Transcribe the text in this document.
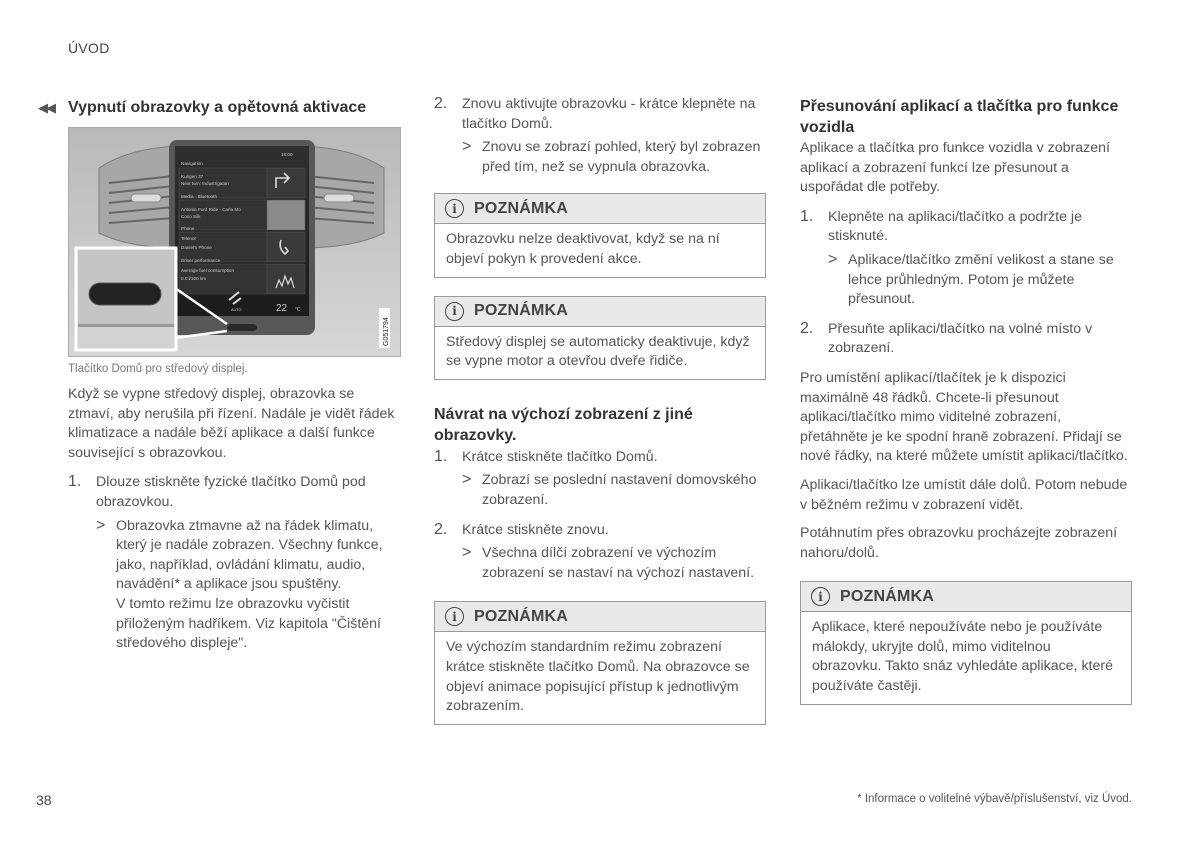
ÚVOD
◀◀ Vypnutí obrazovky a opětovná aktivace
18:00
Navigation
Kungen 37
Next turn: Industrigatan
Media · Bluetooth
Antonia Ford Ride · Carla Mo
Coco Silk
Phone
Telenor
Daniel's Phone
Driver performance
Average fuel consumption
0.0 l/100 km
AUTO	22 °C
G051794
Tlačítko Domů pro středový displej.

Když se vypne středový displej, obrazovka se ztmaví, aby nerušila při řízení. Nadále je vidět řádek klimatizace a nadále běží aplikace a další funkce související s obrazovkou.

1.	Dlouze stiskněte fyzické tlačítko Domů pod obrazovkou.

> Obrazovka ztmavne až na řádek klimatu, který je nadále zobrazen. Všechny funkce, jako, například, ovládání klimatu, audio, navádění* a aplikace jsou spuštěny.

V tomto režimu lze obrazovku vyčistit přiloženým hadříkem. Viz kapitola "Čištění středového displeje".

2.	Znovu aktivujte obrazovku - krátce klepněte na tlačítko Domů.

> Znovu se zobrazí pohled, který byl zobrazen před tím, než se vypnula obrazovka.

i	POZNÁMKA

Obrazovku nelze deaktivovat, když se na ní objeví pokyn k provedení akce.

i	POZNÁMKA

Středový displej se automaticky deaktivuje, když se vypne motor a otevřou dveře řidiče.

Návrat na výchozí zobrazení z jiné obrazovky.
1.	Krátce stiskněte tlačítko Domů.

> Zobrazí se poslední nastavení domovského zobrazení.

2.	Krátce stiskněte znovu.

> Všechna dílčí zobrazení ve výchozím zobrazení se nastaví na výchozí nastavení.

i	POZNÁMKA

Ve výchozím standardním režimu zobrazení krátce stiskněte tlačítko Domů. Na obrazovce se objeví animace popisující přístup k jednotlivým zobrazením.

Přesunování aplikací a tlačítka pro funkce vozidla

Aplikace a tlačítka pro funkce vozidla v zobrazení aplikací a zobrazení funkcí lze přesunout a uspořádat dle potřeby.

1.	Klepněte na aplikaci/tlačítko a podržte je stisknuté.

> Aplikace/tlačítko změní velikost a stane se lehce průhledným. Potom je můžete přesunout.

2.	Přesuňte aplikaci/tlačítko na volné místo v zobrazení.

Pro umístění aplikací/tlačítek je k dispozici maximálně 48 řádků. Chcete-li přesunout aplikaci/tlačítko mimo viditelné zobrazení, přetáhněte je ke spodní hraně zobrazení. Přidají se nové řádky, na které můžete umístit aplikaci/tlačítko.

Aplikaci/tlačítko lze umístit dále dolů. Potom nebude v běžném režimu v zobrazení vidět.

Potáhnutím přes obrazovku procházejte zobrazení nahoru/dolů.

i	POZNÁMKA

Aplikace, které nepoužíváte nebo je používáte málokdy, ukryjte dolů, mimo viditelnou obrazovku. Takto snáz vyhledáte aplikace, které používáte častěji.

38	* Informace o volitelné výbavě/příslušenství, viz Úvod.
